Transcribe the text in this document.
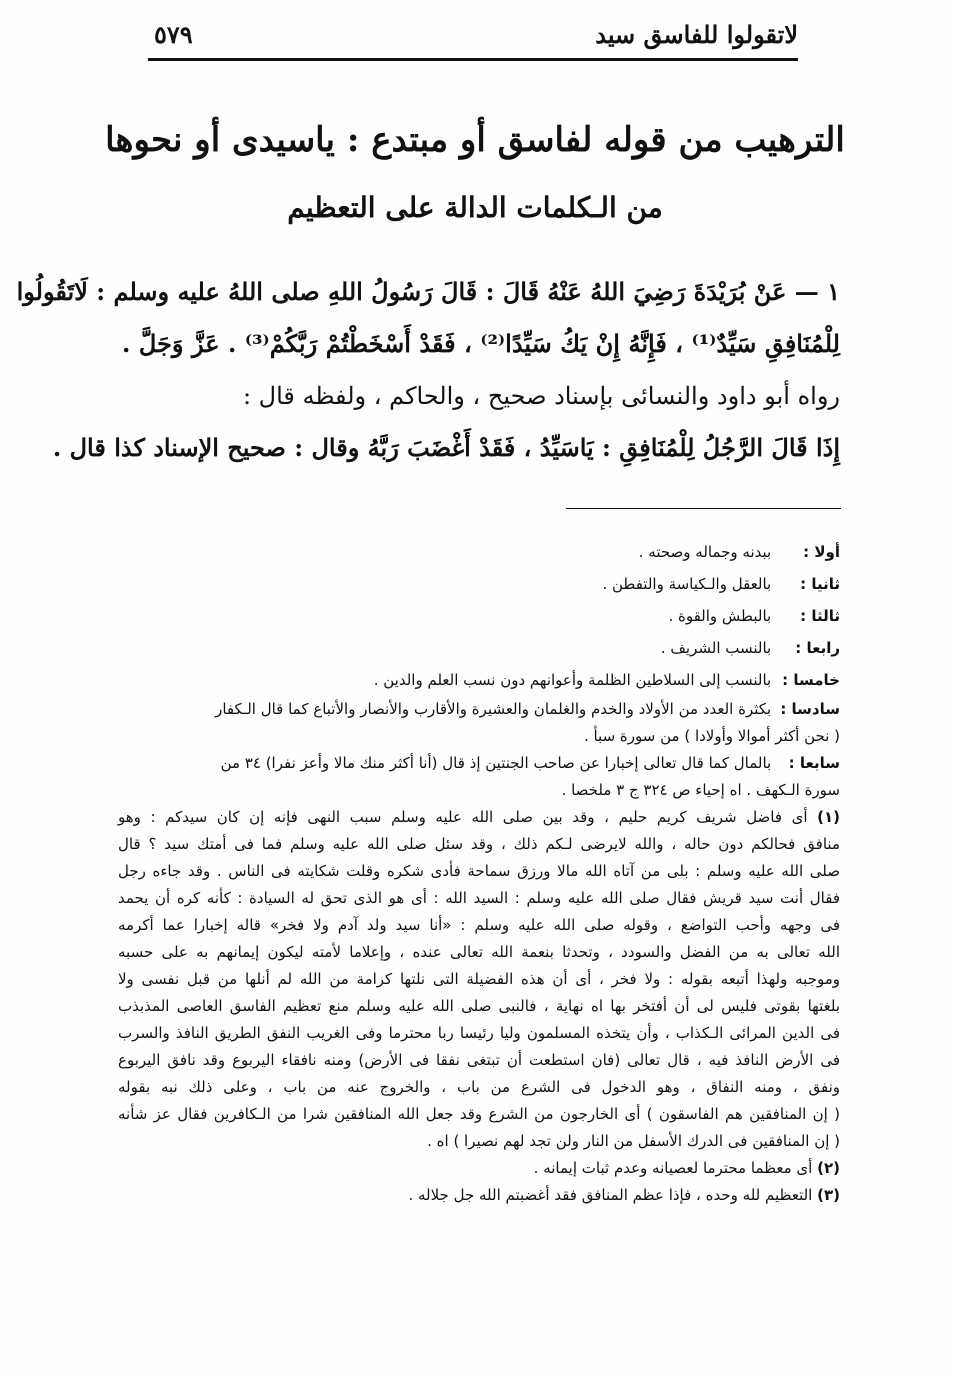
لاتقولوا للفاسق سيد
٥٧٩
الترهيب من قوله لفاسق أو مبتدع : ياسيدى أو نحوها
من الـكلمات الدالة على التعظيم
١ — عَنْ بُرَيْدَةَ رَضِيَ اللهُ عَنْهُ قَالَ : قَالَ رَسُولُ اللهِ صلى اللهُ عليه وسلم : لَاتَقُولُوا
لِلْمُنَافِقِ سَيِّدٌ⁽¹⁾ ، فَإِنَّهُ إِنْ يَكُ سَيِّدًا⁽²⁾ ، فَقَدْ أَسْخَطْتُمْ رَبَّكُمْ⁽³⁾ . عَزَّ وَجَلَّ .
رواه أبو داود والنسائى بإسناد صحيح ، والحاكم ، ولفظه قال :
إِذَا قَالَ الرَّجُلُ لِلْمُنَافِقِ : يَاسَيِّدُ ، فَقَدْ أَغْضَبَ رَبَّهُ وقال : صحيح الإسناد كذا قال .
أولا : ببدنه وجماله وصحته .
ثانيا : بالعقل والـكياسة والتفطن .
ثالثا : بالبطش والقوة .
رابعا : بالنسب الشريف .
خامسا : بالنسب إلى السلاطين الظلمة وأعوانهم دون نسب العلم والدين .
سادسا : بكثرة العدد من الأولاد والخدم والغلمان والعشيرة والأقارب والأنصار والأتباع كما قال الـكفار
( نحن أكثر أموالا وأولادا ) من سورة سبأ .
سابعا : بالمال كما قال تعالى إخبارا عن صاحب الجنتين إذ قال (أنا أكثر منك مالا وأعز نفرا) ٣٤ من
سورة الـكهف . اه إحياء ص ٣٢٤ ج ٣ ملخصا .
(١) أى فاضل شريف كريم حليم ، وقد بين صلى الله عليه وسلم سبب النهى فإنه إن كان سيدكم : وهو
منافق فحالكم دون حاله ، والله لايرضى لـكم ذلك ، وقد سئل صلى الله عليه وسلم فما فى أمتك سيد ؟ قال
صلى الله عليه وسلم : بلى من آتاه الله مالا ورزق سماحة فأدى شكره وقلت شكايته فى الناس . وقد جاءه رجل
فقال أنت سيد قريش فقال صلى الله عليه وسلم : السيد الله : أى هو الذى تحق له السيادة : كأنه كره أن يحمد
فى وجهه وأحب التواضع ، وقوله صلى الله عليه وسلم : «أنا سيد ولد آدم ولا فخر» قاله إخبارا عما أكرمه
الله تعالى به من الفضل والسودد ، وتحدثا بنعمة الله تعالى عنده ، وإعلاما لأمته ليكون إيمانهم به على حسبه
وموجبه ولهذا أتبعه بقوله : ولا فخر ، أى أن هذه الفضيلة التى نلتها كرامة من الله لم أنلها من قبل نفسى ولا
بلغتها بقوتى فليس لى أن أفتخر بها اه نهاية ، فالنبى صلى الله عليه وسلم منع تعظيم الفاسق العاصى المذبذب
فى الدين المرائى الـكذاب ، وأن يتخذه المسلمون وليا رئيسا ربا محترما وفى الغريب النفق الطريق النافذ والسرب
فى الأرض النافذ فيه ، قال تعالى (فان استطعت أن تبتغى نفقا فى الأرض) ومنه نافقاء اليربوع وقد نافق اليربوع
ونفق ، ومنه النفاق ، وهو الدخول فى الشرع من باب ، والخروج عنه من باب ، وعلى ذلك نبه بقوله
( إن المنافقين هم الفاسقون ) أى الخارجون من الشرع وقد جعل الله المنافقين شرا من الـكافرين فقال عز شأنه
( إن المنافقين فى الدرك الأسفل من النار ولن تجد لهم نصيرا ) اه .
(٢) أى معظما محترما لعصيانه وعدم ثبات إيمانه .
(٣) التعظيم لله وحده ، فإذا عظم المنافق فقد أغضبتم الله جل جلاله .
